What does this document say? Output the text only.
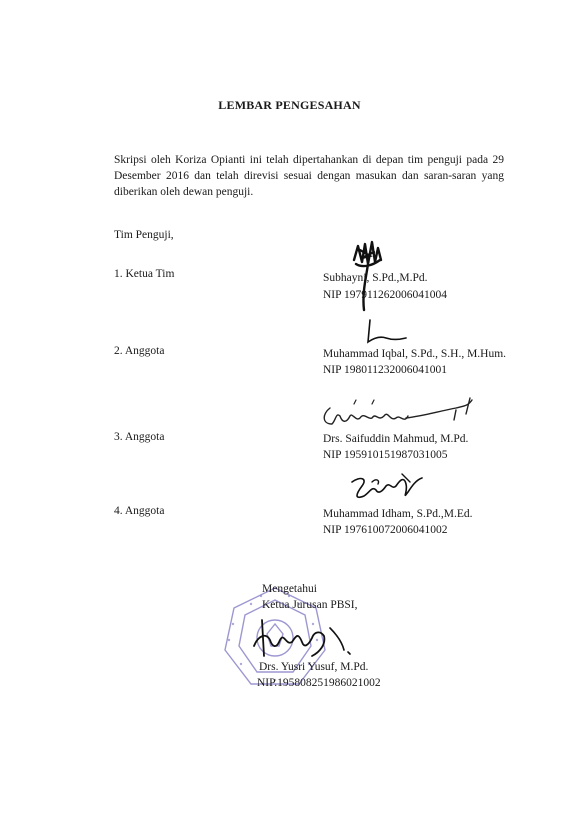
LEMBAR PENGESAHAN
Skripsi oleh Koriza Opianti ini telah dipertahankan di depan tim penguji pada 29 Desember 2016 dan telah direvisi sesuai dengan masukan dan saran-saran yang diberikan oleh dewan penguji.
Tim Penguji,
1. Ketua Tim	Subhayni, S.Pd.,M.Pd.
NIP 197911262006041004
2. Anggota	Muhammad Iqbal, S.Pd., S.H., M.Hum.
NIP 198011232006041001
3. Anggota	Drs. Saifuddin Mahmud, M.Pd.
NIP 195910151987031005
4. Anggota	Muhammad Idham, S.Pd.,M.Ed.
NIP 197610072006041002
Mengetahui
Ketua Jurusan PBSI,
Drs. Yusri Yusuf, M.Pd.
NIP.195808251986021002
